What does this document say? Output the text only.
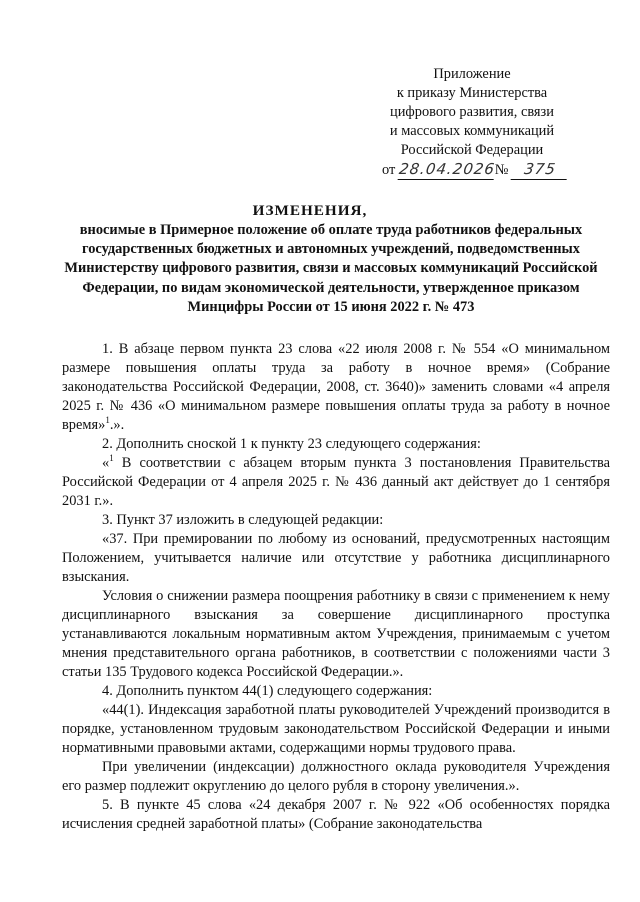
Приложение
к приказу Министерства
цифрового развития, связи
и массовых коммуникаций
Российской Федерации
от 28.04.2026№ 375
ИЗМЕНЕНИЯ,
вносимые в Примерное положение об оплате труда работников федеральных государственных бюджетных и автономных учреждений, подведомственных Министерству цифрового развития, связи и массовых коммуникаций Российской Федерации, по видам экономической деятельности, утвержденное приказом Минцифры России от 15 июня 2022 г. № 473

1. В абзаце первом пункта 23 слова «22 июля 2008 г. № 554 «О минимальном размере повышения оплаты труда за работу в ночное время» (Собрание законодательства Российской Федерации, 2008, ст. 3640)» заменить словами «4 апреля 2025 г. № 436 «О минимальном размере повышения оплаты труда за работу в ночное время»$^1$.».

2. Дополнить сноской 1 к пункту 23 следующего содержания:

«$^1$ В соответствии с абзацем вторым пункта 3 постановления Правительства Российской Федерации от 4 апреля 2025 г. № 436 данный акт действует до 1 сентября 2031 г.».

3. Пункт 37 изложить в следующей редакции:

«37. При премировании по любому из оснований, предусмотренных настоящим Положением, учитывается наличие или отсутствие у работника дисциплинарного взыскания.

Условия о снижении размера поощрения работнику в связи с применением к нему дисциплинарного взыскания за совершение дисциплинарного проступка устанавливаются локальным нормативным актом Учреждения, принимаемым с учетом мнения представительного органа работников, в соответствии с положениями части 3 статьи 135 Трудового кодекса Российской Федерации.».

4. Дополнить пунктом 44(1) следующего содержания:

«44(1). Индексация заработной платы руководителей Учреждений производится в порядке, установленном трудовым законодательством Российской Федерации и иными нормативными правовыми актами, содержащими нормы трудового права.

При увеличении (индексации) должностного оклада руководителя Учреждения его размер подлежит округлению до целого рубля в сторону увеличения.».

5. В пункте 45 слова «24 декабря 2007 г. № 922 «Об особенностях порядка исчисления средней заработной платы» (Собрание законодательства
